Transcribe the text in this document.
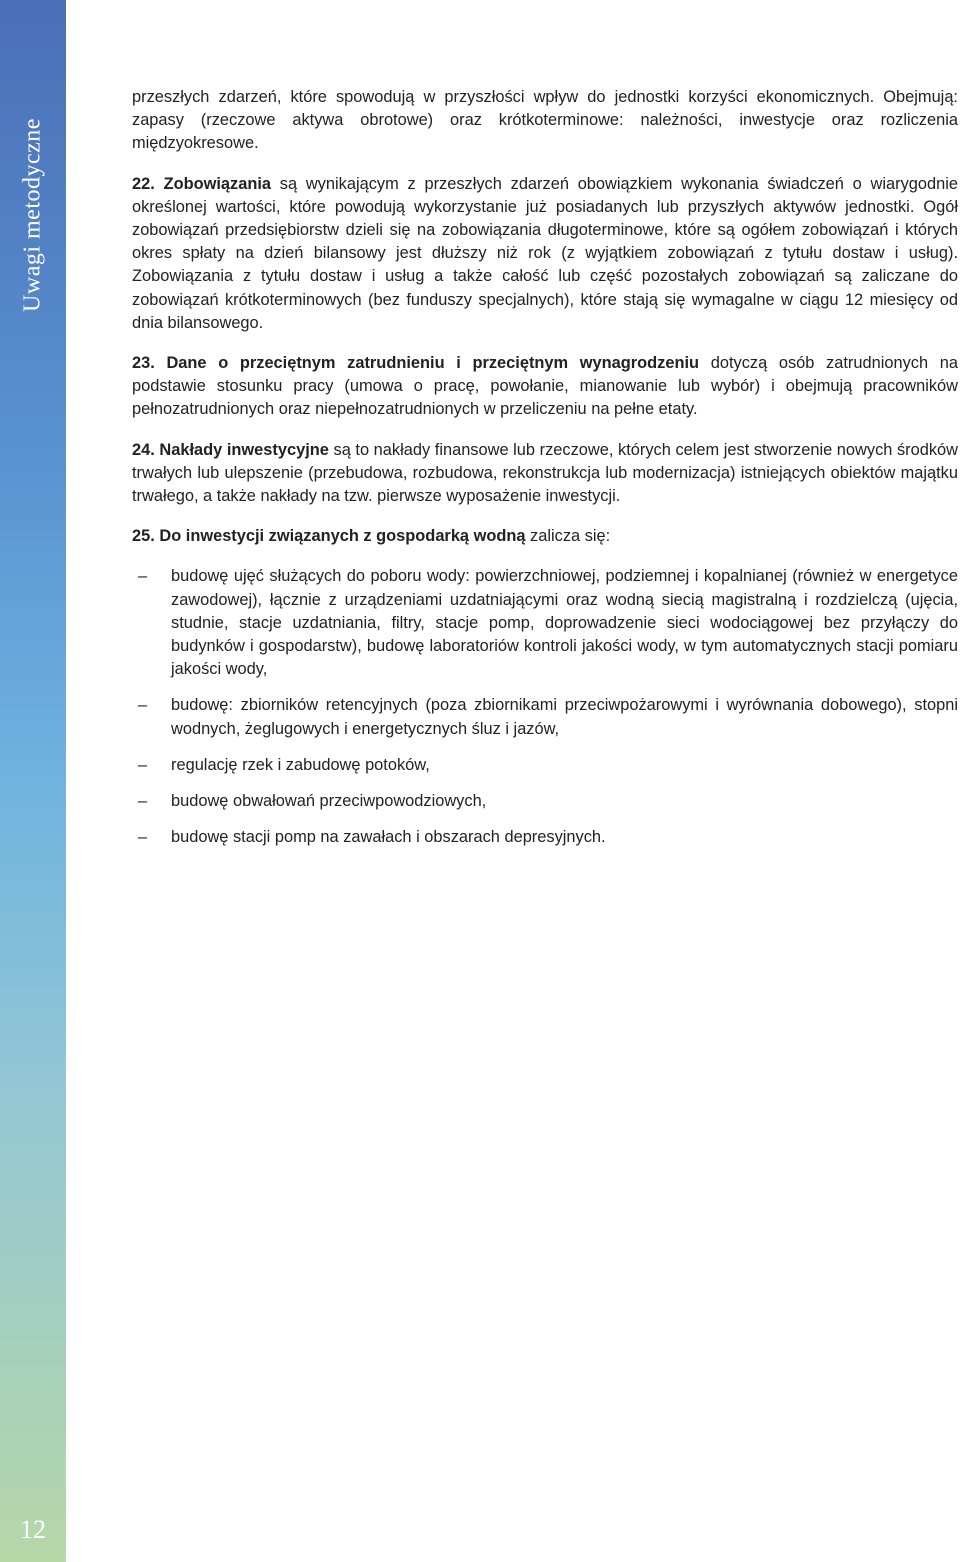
Uwagi metodyczne
12

przeszłych zdarzeń, które spowodują w przyszłości wpływ do jednostki korzyści ekonomicznych. Obejmują: zapasy (rzeczowe aktywa obrotowe) oraz krótkoterminowe: należności, inwestycje oraz rozliczenia międzyokresowe.

22. Zobowiązania są wynikającym z przeszłych zdarzeń obowiązkiem wykonania świadczeń o wiarygodnie określonej wartości, które powodują wykorzystanie już posiadanych lub przyszłych aktywów jednostki. Ogół zobowiązań przedsiębiorstw dzieli się na zobowiązania długoterminowe, które są ogółem zobowiązań i których okres spłaty na dzień bilansowy jest dłuższy niż rok (z wyjątkiem zobowiązań z tytułu dostaw i usług). Zobowiązania z tytułu dostaw i usług a także całość lub część pozostałych zobowiązań są zaliczane do zobowiązań krótkoterminowych (bez funduszy specjalnych), które stają się wymagalne w ciągu 12 miesięcy od dnia bilansowego.

23. Dane o przeciętnym zatrudnieniu i przeciętnym wynagrodzeniu dotyczą osób zatrudnionych na podstawie stosunku pracy (umowa o pracę, powołanie, mianowanie lub wybór) i obejmują pracowników pełnozatrudnionych oraz niepełnozatrudnionych w przeliczeniu na pełne etaty.

24. Nakłady inwestycyjne są to nakłady finansowe lub rzeczowe, których celem jest stworzenie nowych środków trwałych lub ulepszenie (przebudowa, rozbudowa, rekonstrukcja lub modernizacja) istniejących obiektów majątku trwałego, a także nakłady na tzw. pierwsze wyposażenie inwestycji.

25. Do inwestycji związanych z gospodarką wodną zalicza się:

– budowę ujęć służących do poboru wody: powierzchniowej, podziemnej i kopalnianej (również w energetyce zawodowej), łącznie z urządzeniami uzdatniającymi oraz wodną siecią magistralną i rozdzielczą (ujęcia, studnie, stacje uzdatniania, filtry, stacje pomp, doprowadzenie sieci wodociągowej bez przyłączy do budynków i gospodarstw), budowę laboratoriów kontroli jakości wody, w tym automatycznych stacji pomiaru jakości wody,
– budowę: zbiorników retencyjnych (poza zbiornikami przeciwpożarowymi i wyrównania dobowego), stopni wodnych, żeglugowych i energetycznych śluz i jazów,
– regulację rzek i zabudowę potoków,
– budowę obwałowań przeciwpowodziowych,
– budowę stacji pomp na zawałach i obszarach depresyjnych.
